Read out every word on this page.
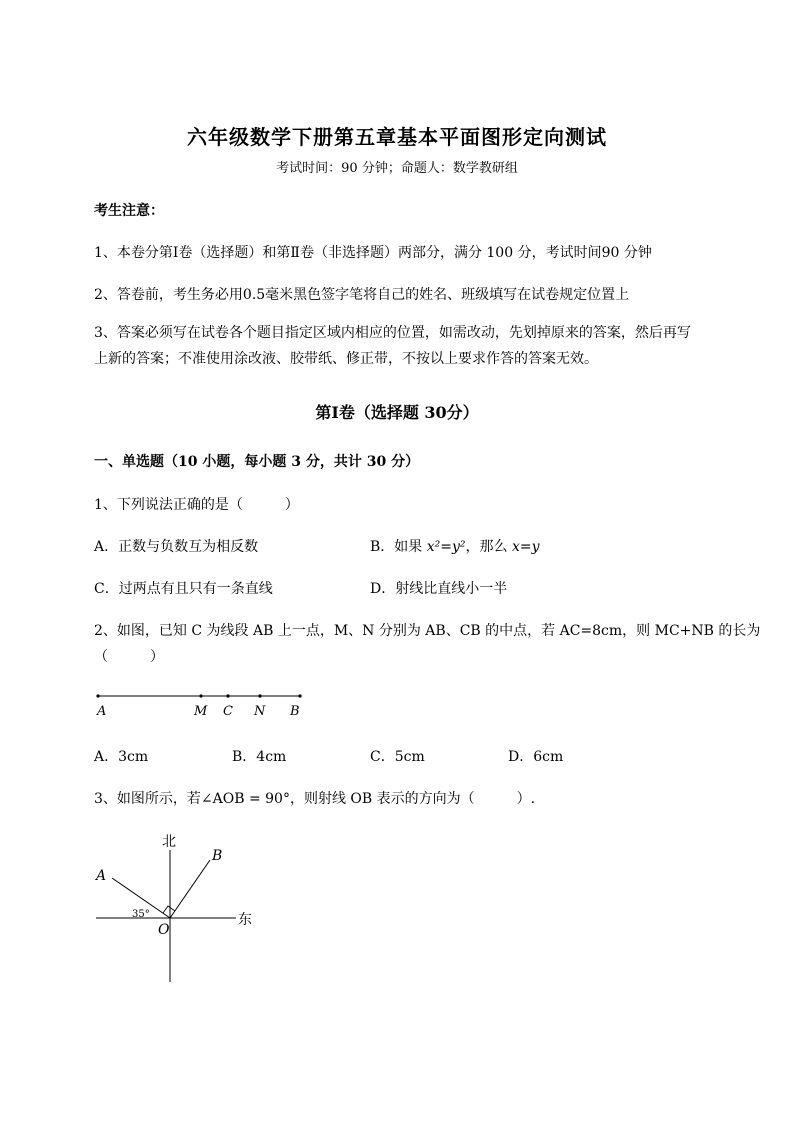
六年级数学下册第五章基本平面图形定向测试
考试时间：90 分钟；命题人：数学教研组
考生注意：
1、本卷分第Ⅰ卷（选择题）和第Ⅱ卷（非选择题）两部分，满分 100 分，考试时间90 分钟
2、答卷前，考生务必用0.5毫米黑色签字笔将自己的姓名、班级填写在试卷规定位置上
3、答案必须写在试卷各个题目指定区域内相应的位置，如需改动，先划掉原来的答案，然后再写上新的答案；不准使用涂改液、胶带纸、修正带，不按以上要求作答的答案无效。
第Ⅰ卷（选择题 30分）
一、单选题（10 小题，每小题 3 分，共计 30 分）
1、下列说法正确的是（　　　）
A．正数与负数互为相反数	B．如果 x²=y²，那么 x=y
C．过两点有且只有一条直线	D．射线比直线小一半
2、如图，已知 C 为线段 AB 上一点，M、N 分别为 AB、CB 的中点，若 AC=8cm，则 MC+NB 的长为
（　　　）
A	M C N B
A．3cm	B．4cm	C．5cm	D．6cm
3、如图所示，若∠AOB = 90°，则射线 OB 表示的方向为（　　　）.
北
东
A
B
O
35°
